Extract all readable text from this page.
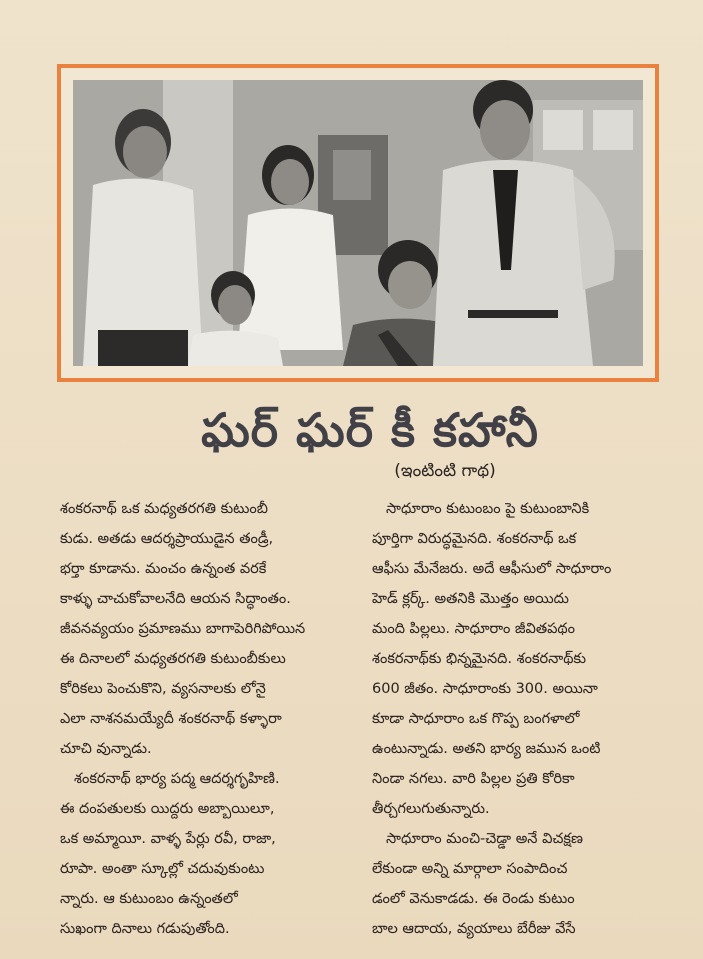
ఘర్ ఘర్ కీ కహానీ
(ఇంటింటి గాథ)
శంకరనాథ్ ఒక మధ్యతరగతి కుటుంబీ
కుడు. అతడు ఆదర్శప్రాయుడైన తండ్రీ,
భర్తా కూడాను. మంచం ఉన్నంత వరకే
కాళ్ళు చాచుకోవాలనేది ఆయన సిద్ధాంతం.
జీవనవ్యయం ప్రమాణము బాగాపెరిగిపోయిన
ఈ దినాలలో మధ్యతరగతి కుటుంబీకులు
కోరికలు పెంచుకొని, వ్యసనాలకు లోనై
ఎలా నాశనమయ్యేదీ శంకరనాథ్ కళ్ళారా
చూచి వున్నాడు.
శంకరనాథ్ భార్య పద్మ ఆదర్శగృహిణి.
ఈ దంపతులకు యిద్దరు అబ్బాయిలూ,
ఒక అమ్మాయీ. వాళ్ళ పేర్లు రవీ, రాజా,
రూపా. అంతా స్కూల్లో చదువుకుంటు
న్నారు. ఆ కుటుంబం ఉన్నంతలో
సుఖంగా దినాలు గడుపుతోంది.
సాధూరాం కుటుంబం పై కుటుంబానికి
పూర్తిగా విరుద్ధమైనది. శంకరనాథ్ ఒక
ఆఫీసు మేనేజరు. అదే ఆఫీసులో సాధూరాం
హెడ్ క్లర్క్. అతనికి మొత్తం అయిదు
మంది పిల్లలు. సాధూరాం జీవితపథం
శంకరనాథ్‌కు భిన్నమైనది. శంకరనాథ్‌కు
600 జీతం. సాధూరాంకు 300. అయినా
కూడా సాధూరాం ఒక గొప్ప బంగళాలో
ఉంటున్నాడు. అతని భార్య జమున ఒంటి
నిండా నగలు. వారి పిల్లల ప్రతి కోరికా
తీర్చగలుగుతున్నారు.
సాధూరాం మంచి-చెడ్డా అనే విచక్షణ
లేకుండా అన్ని మార్గాలా సంపాదించ
డంలో వెనుకాడడు. ఈ రెండు కుటుం
బాల ఆదాయ, వ్యయాలు బేరీజు వేసే
